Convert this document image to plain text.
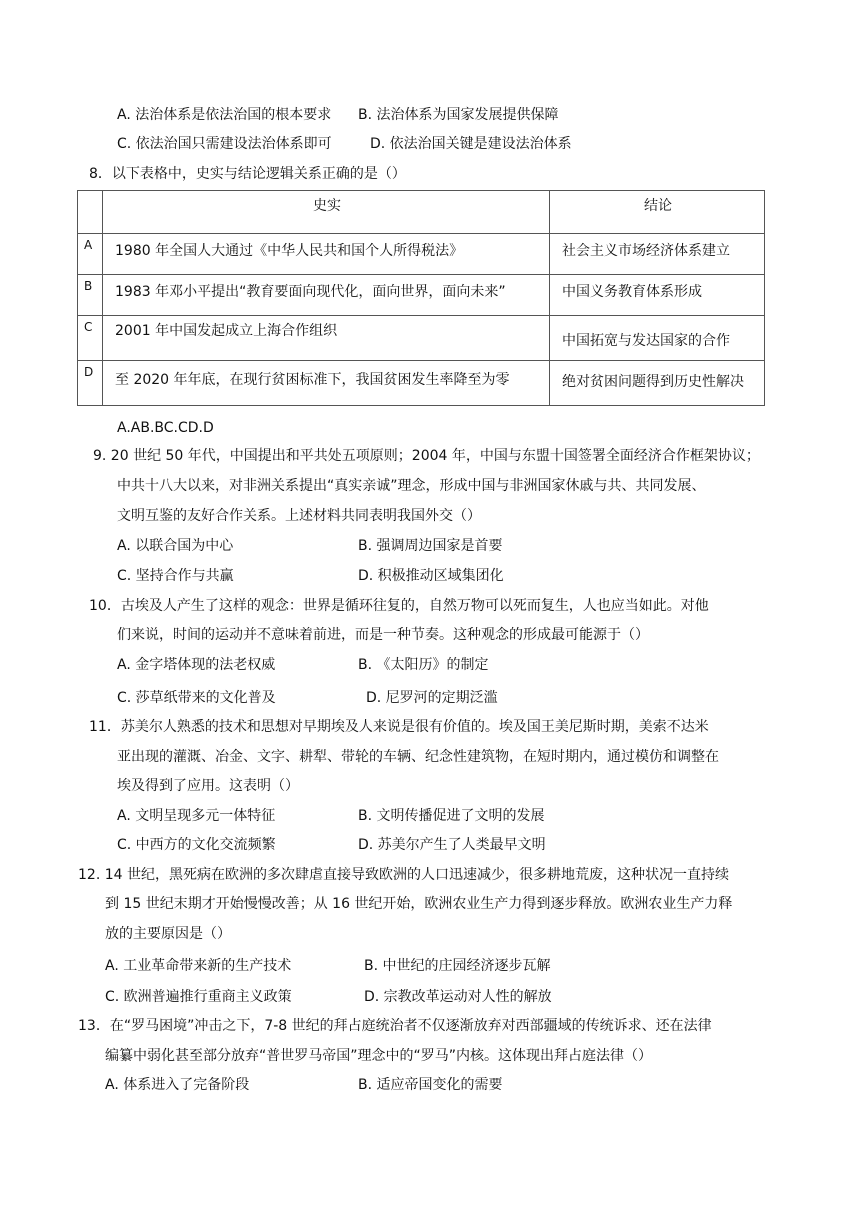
A. 法治体系是依法治国的根本要求 B. 法治体系为国家发展提供保障
C. 依法治国只需建设法治体系即可	D. 依法治国关键是建设法治体系
8．以下表格中，史实与结论逻辑关系正确的是（）

	史实	结论

A	1980 年全国人大通过《中华人民共和国个人所得税法》	社会主义市场经济体系建立

B	1983 年邓小平提出“教育要面向现代化，面向世界，面向未来”	中国义务教育体系形成

C	2001 年中国发起成立上海合作组织	中国拓宽与发达国家的合作

D	至 2020 年年底，在现行贫困标准下，我国贫困发生率降至为零	绝对贫困问题得到历史性解决
A.AB.BC.CD.D
9. 20 世纪 50 年代，中国提出和平共处五项原则；2004 年，中国与东盟十国签署全面经济合作框架协议；
中共十八大以来，对非洲关系提出“真实亲诚”理念，形成中国与非洲国家休戚与共、共同发展、
文明互鉴的友好合作关系。上述材料共同表明我国外交（）
A. 以联合国为中心	B. 强调周边国家是首要
C. 坚持合作与共赢	D. 积极推动区域集团化
10．古埃及人产生了这样的观念：世界是循环往复的，自然万物可以死而复生，人也应当如此。对他
们来说，时间的运动并不意味着前进，而是一种节奏。这种观念的形成最可能源于（）
A. 金字塔体现的法老权威	B. 《太阳历》的制定
C. 莎草纸带来的文化普及	D. 尼罗河的定期泛滥
11．苏美尔人熟悉的技术和思想对早期埃及人来说是很有价值的。埃及国王美尼斯时期，美索不达米
亚出现的灌溉、冶金、文字、耕犁、带轮的车辆、纪念性建筑物，在短时期内，通过模仿和调整在
埃及得到了应用。这表明（）
A. 文明呈现多元一体特征	B. 文明传播促进了文明的发展
C. 中西方的文化交流频繁	D. 苏美尔产生了人类最早文明
12. 14 世纪，黑死病在欧洲的多次肆虐直接导致欧洲的人口迅速减少，很多耕地荒废，这种状况一直持续
到 15 世纪末期才开始慢慢改善；从 16 世纪开始，欧洲农业生产力得到逐步释放。欧洲农业生产力释
放的主要原因是（）
A. 工业革命带来新的生产技术	B. 中世纪的庄园经济逐步瓦解
C. 欧洲普遍推行重商主义政策	D. 宗教改革运动对人性的解放
13．在“罗马困境”冲击之下，7-8 世纪的拜占庭统治者不仅逐渐放弃对西部疆域的传统诉求、还在法律
编纂中弱化甚至部分放弃“普世罗马帝国”理念中的“罗马”内核。这体现出拜占庭法律（）
A. 体系进入了完备阶段	B. 适应帝国变化的需要
